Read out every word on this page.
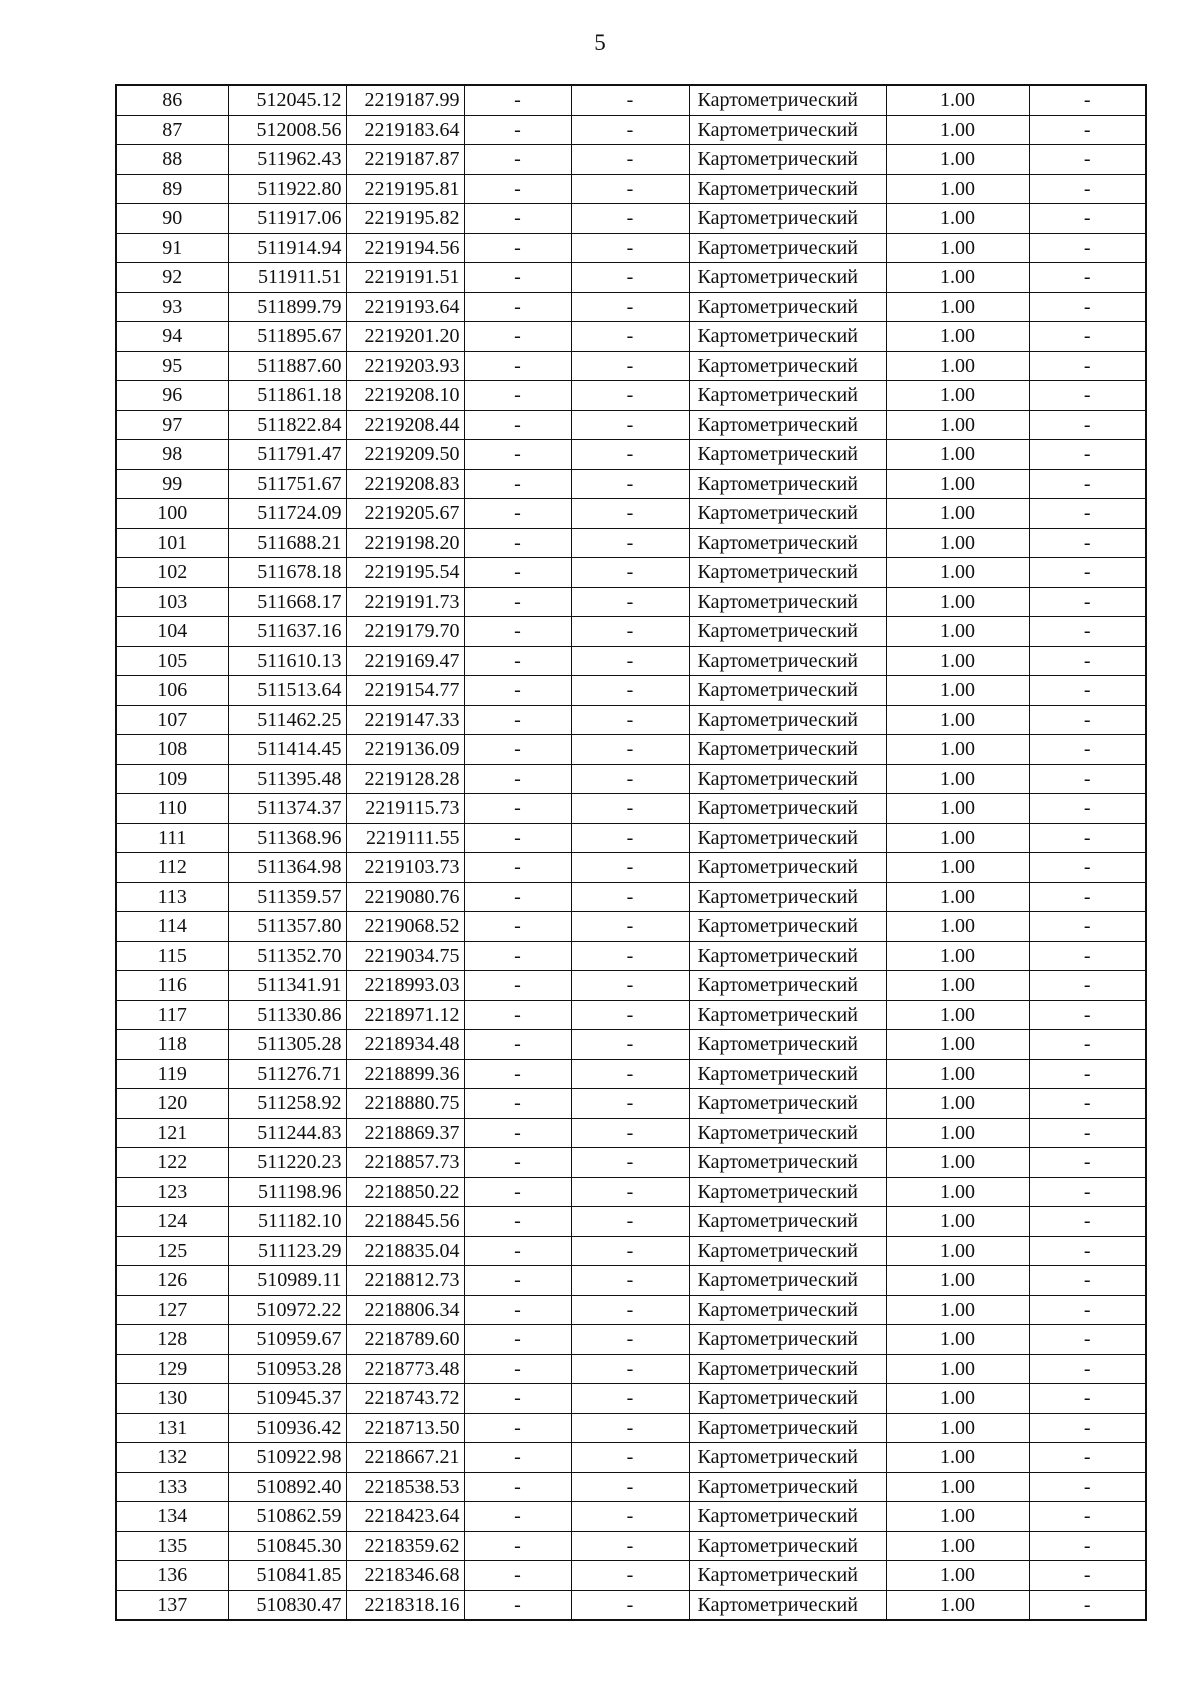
5
86	512045.12	2219187.99	-	-	Картометрический	1.00	-
87	512008.56	2219183.64	-	-	Картометрический	1.00	-
88	511962.43	2219187.87	-	-	Картометрический	1.00	-
89	511922.80	2219195.81	-	-	Картометрический	1.00	-
90	511917.06	2219195.82	-	-	Картометрический	1.00	-
91	511914.94	2219194.56	-	-	Картометрический	1.00	-
92	511911.51	2219191.51	-	-	Картометрический	1.00	-
93	511899.79	2219193.64	-	-	Картометрический	1.00	-
94	511895.67	2219201.20	-	-	Картометрический	1.00	-
95	511887.60	2219203.93	-	-	Картометрический	1.00	-
96	511861.18	2219208.10	-	-	Картометрический	1.00	-
97	511822.84	2219208.44	-	-	Картометрический	1.00	-
98	511791.47	2219209.50	-	-	Картометрический	1.00	-
99	511751.67	2219208.83	-	-	Картометрический	1.00	-
100	511724.09	2219205.67	-	-	Картометрический	1.00	-
101	511688.21	2219198.20	-	-	Картометрический	1.00	-
102	511678.18	2219195.54	-	-	Картометрический	1.00	-
103	511668.17	2219191.73	-	-	Картометрический	1.00	-
104	511637.16	2219179.70	-	-	Картометрический	1.00	-
105	511610.13	2219169.47	-	-	Картометрический	1.00	-
106	511513.64	2219154.77	-	-	Картометрический	1.00	-
107	511462.25	2219147.33	-	-	Картометрический	1.00	-
108	511414.45	2219136.09	-	-	Картометрический	1.00	-
109	511395.48	2219128.28	-	-	Картометрический	1.00	-
110	511374.37	2219115.73	-	-	Картометрический	1.00	-
111	511368.96	2219111.55	-	-	Картометрический	1.00	-
112	511364.98	2219103.73	-	-	Картометрический	1.00	-
113	511359.57	2219080.76	-	-	Картометрический	1.00	-
114	511357.80	2219068.52	-	-	Картометрический	1.00	-
115	511352.70	2219034.75	-	-	Картометрический	1.00	-
116	511341.91	2218993.03	-	-	Картометрический	1.00	-
117	511330.86	2218971.12	-	-	Картометрический	1.00	-
118	511305.28	2218934.48	-	-	Картометрический	1.00	-
119	511276.71	2218899.36	-	-	Картометрический	1.00	-
120	511258.92	2218880.75	-	-	Картометрический	1.00	-
121	511244.83	2218869.37	-	-	Картометрический	1.00	-
122	511220.23	2218857.73	-	-	Картометрический	1.00	-
123	511198.96	2218850.22	-	-	Картометрический	1.00	-
124	511182.10	2218845.56	-	-	Картометрический	1.00	-
125	511123.29	2218835.04	-	-	Картометрический	1.00	-
126	510989.11	2218812.73	-	-	Картометрический	1.00	-
127	510972.22	2218806.34	-	-	Картометрический	1.00	-
128	510959.67	2218789.60	-	-	Картометрический	1.00	-
129	510953.28	2218773.48	-	-	Картометрический	1.00	-
130	510945.37	2218743.72	-	-	Картометрический	1.00	-
131	510936.42	2218713.50	-	-	Картометрический	1.00	-
132	510922.98	2218667.21	-	-	Картометрический	1.00	-
133	510892.40	2218538.53	-	-	Картометрический	1.00	-
134	510862.59	2218423.64	-	-	Картометрический	1.00	-
135	510845.30	2218359.62	-	-	Картометрический	1.00	-
136	510841.85	2218346.68	-	-	Картометрический	1.00	-
137	510830.47	2218318.16	-	-	Картометрический	1.00	-
